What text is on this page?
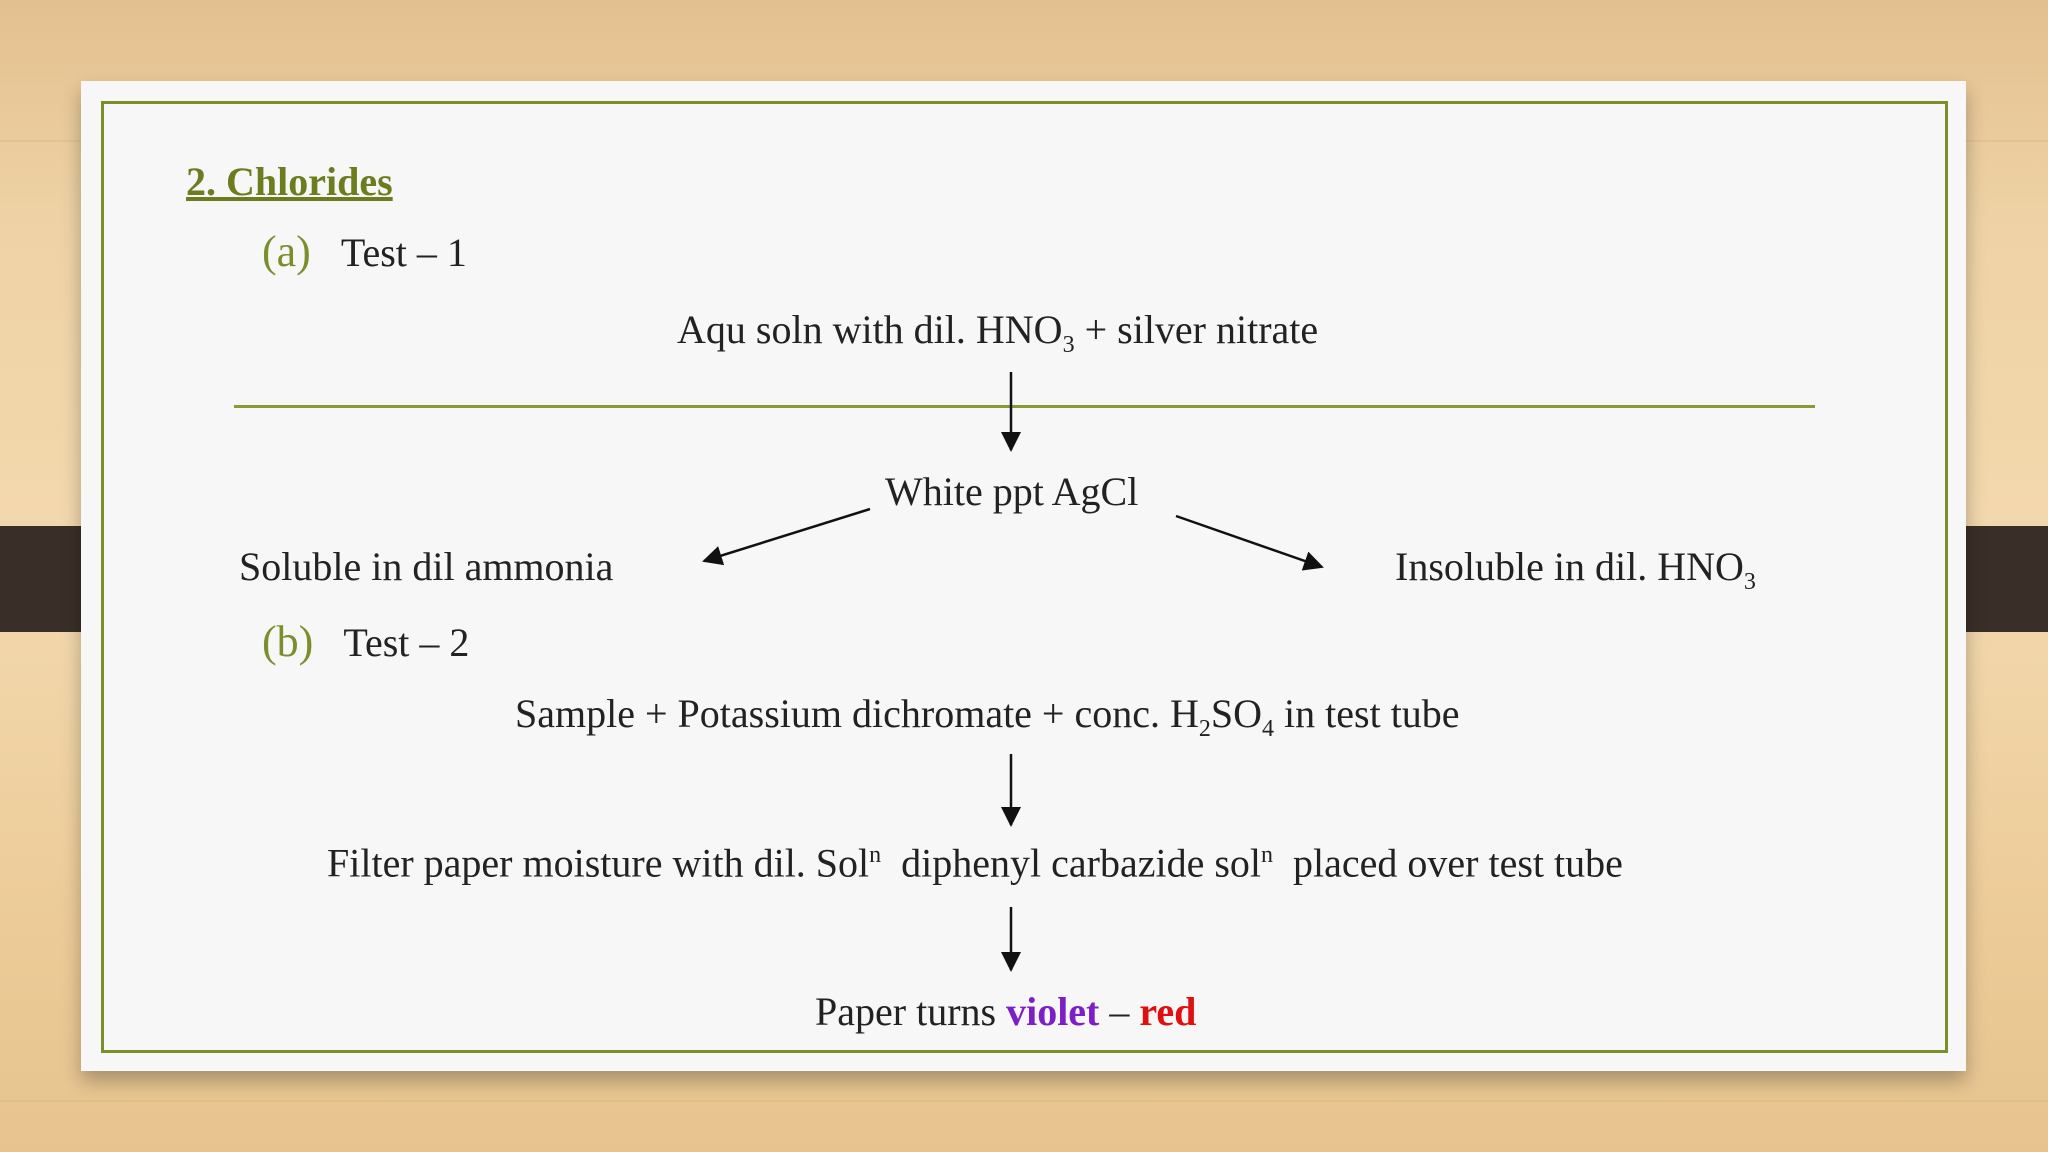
2. Chlorides
(a) Test – 1
Aqu soln with dil. $HNO_3$ + silver nitrate
White ppt AgCl
Soluble in dil ammonia	Insoluble in dil. $HNO_3$
(b) Test – 2
Sample + Potassium dichromate + conc. $H_2SO_4$ in test tube
Filter paper moisture with dil. Sol$^n$  diphenyl carbazide sol$^n$  placed over test tube
Paper turns violet – red
